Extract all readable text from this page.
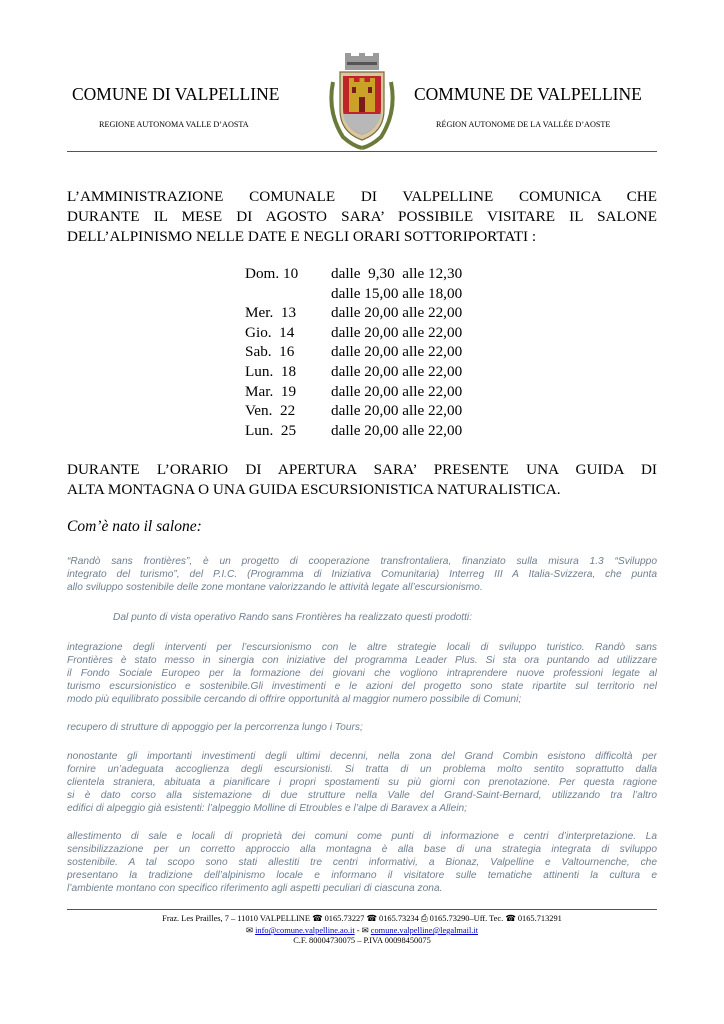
COMUNE DI VALPELLINE
REGIONE AUTONOMA VALLE D’AOSTA
COMMUNE DE VALPELLINE
RÉGION AUTONOME DE LA VALLÉE D’AOSTE
L’AMMINISTRAZIONE COMUNALE DI VALPELLINE COMUNICA CHE
DURANTE IL MESE DI AGOSTO SARA’ POSSIBILE VISITARE IL SALONE
DELL’ALPINISMO NELLE DATE E NEGLI ORARI SOTTORIPORTATI :
Dom. 10	dalle  9,30  alle 12,30
dalle 15,00 alle 18,00
Mer.  13	dalle 20,00 alle 22,00
Gio.  14	dalle 20,00 alle 22,00
Sab.  16	dalle 20,00 alle 22,00
Lun.  18	dalle 20,00 alle 22,00
Mar.  19	dalle 20,00 alle 22,00
Ven.  22	dalle 20,00 alle 22,00
Lun.  25	dalle 20,00 alle 22,00
DURANTE L’ORARIO DI APERTURA SARA’ PRESENTE UNA GUIDA DI
ALTA MONTAGNA O UNA GUIDA ESCURSIONISTICA NATURALISTICA.
Com’è nato il salone:
“Randò sans frontières”, è un progetto di cooperazione transfrontaliera, finanziato sulla misura 1.3 “Sviluppo
integrato del turismo”, del P.I.C. (Programma di Iniziativa Comunitaria) Interreg III A Italia-Svizzera, che punta
allo sviluppo sostenibile delle zone montane valorizzando le attività legate all’escursionismo.
Dal punto di vista operativo Rando sans Frontières ha realizzato questi prodotti:
integrazione degli interventi per l’escursionismo con le altre strategie locali di sviluppo turistico. Randò sans
Frontières è stato messo in sinergia con iniziative del programma Leader Plus. Si sta ora puntando ad utilizzare
il Fondo Sociale Europeo per la formazione dei giovani che vogliono intraprendere nuove professioni legate al
turismo escursionistico e sostenibile.Gli investimenti e le azioni del progetto sono state ripartite sul territorio nel
modo più equilibrato possibile cercando di offrire opportunità al maggior numero possibile di Comuni;
recupero di strutture di appoggio per la percorrenza lungo i Tours;
nonostante gli importanti investimenti degli ultimi decenni, nella zona del Grand Combin esistono difficoltà per
fornire un’adeguata accoglienza degli escursionisti. Si tratta di un problema molto sentito soprattutto dalla
clientela straniera, abituata a pianificare i propri spostamenti su più giorni con prenotazione. Per questa ragione
si è dato corso alla sistemazione di due strutture nella Valle del Grand-Saint-Bernard, utilizzando tra l’altro
edifici di alpeggio già esistenti: l’alpeggio Molline di Etroubles e l’alpe di Baravex a Allein;
allestimento di sale e locali di proprietà dei comuni come punti di informazione e centri d’interpretazione. La
sensibilizzazione per un corretto approccio alla montagna è alla base di una strategia integrata di sviluppo
sostenibile. A tal scopo sono stati allestiti tre centri informativi, a Bionaz, Valpelline e Valtournenche, che
presentano la tradizione dell’alpinismo locale e informano il visitatore sulle tematiche attinenti la cultura e
l’ambiente montano con specifico riferimento agli aspetti peculiari di ciascuna zona.
Fraz. Les Prailles, 7 – 11010 VALPELLINE ☎ 0165.73227 ☎ 0165.73234 ⎙ 0165.73290–Uff. Tec. ☎ 0165.713291
✉ info@comune.valpelline.ao.it - ✉ comune.valpelline@legalmail.it
C.F. 80004730075 – P.IVA 00098450075
